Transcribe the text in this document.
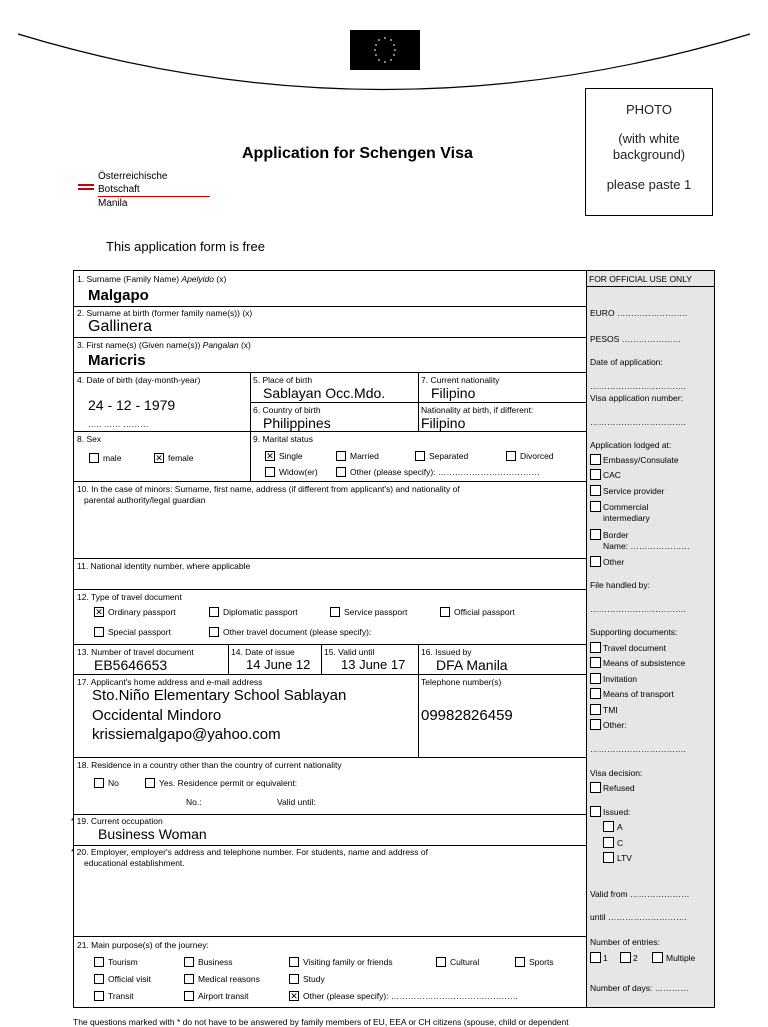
Application for Schengen Visa
Österreichische Botschaft
Manila
PHOTO
(with white
background)
please paste 1
This application form is free
1. Surname (Family Name) Apelyido (x)
Malgapo
2. Surname at birth (former family name(s)) (x)
Gallinera
3. First name(s) (Given name(s)) Pangalan (x)
Maricris
4. Date of birth (day-month-year)
24 - 12 - 1979
….. …… ………
5. Place of birth
Sablayan Occ.Mdo.
6. Country of birth
Philippines
7. Current nationality
Filipino
Nationality at birth, if different:
Filipino
8. Sex
male	✕ female
9. Marital status
✕ Single	Married	Separated	Divorced
Widow(er)	Other (please specify): ………………………………
10. In the case of minors: Surname, first name, address (if different from applicant's) and nationality of
parental authority/legal guardian
11. National identity number, where applicable
12. Type of travel document
✕ Ordinary passport	Diplomatic passport	Service passport	Official passport
Special passport	Other travel document (please specify):
13. Number of travel document
EB5646653
14. Date of issue
14 June 12
15. Valid until
13 June 17
16. Issued by
DFA Manila
17. Applicant's home address and e-mail address
Sto.Niño Elementary School Sablayan
Occidental Mindoro
krissiemalgapo@yahoo.com
Telephone number(s)
09982826459
18. Residence in a country other than the country of current nationality
No	Yes. Residence permit or equivalent:
No.:	Valid until:
* 19. Current occupation
Business Woman
* 20. Employer, employer's address and telephone number. For students, name and address of
educational establishment.
21. Main purpose(s) of the journey:
Tourism	Business	Visiting family or friends	Cultural	Sports
Official visit	Medical reasons	Study
Transit	Airport transit	✕ Other (please specify): ………………………………………
FOR OFFICIAL USE ONLY
EURO …………………….
PESOS …………………
Date of application:
…………………………….
Visa application number:
…………………………….
Application lodged at:
Embassy/Consulate
CAC
Service provider
Commercial
intermediary
Border
Name: …………………
Other
File handled by:
…………………………….
Supporting documents:
Travel document
Means of subsistence
Invitation
Means of transport
TMI
Other:
…………………………….
Visa decision:
Refused
Issued:
A
C
LTV
Valid from …………………
until ……………………….
Number of entries:
1	2	Multiple
Number of days: …………
The questions marked with * do not have to be answered by family members of EU, EEA or CH citizens (spouse, child or dependent
